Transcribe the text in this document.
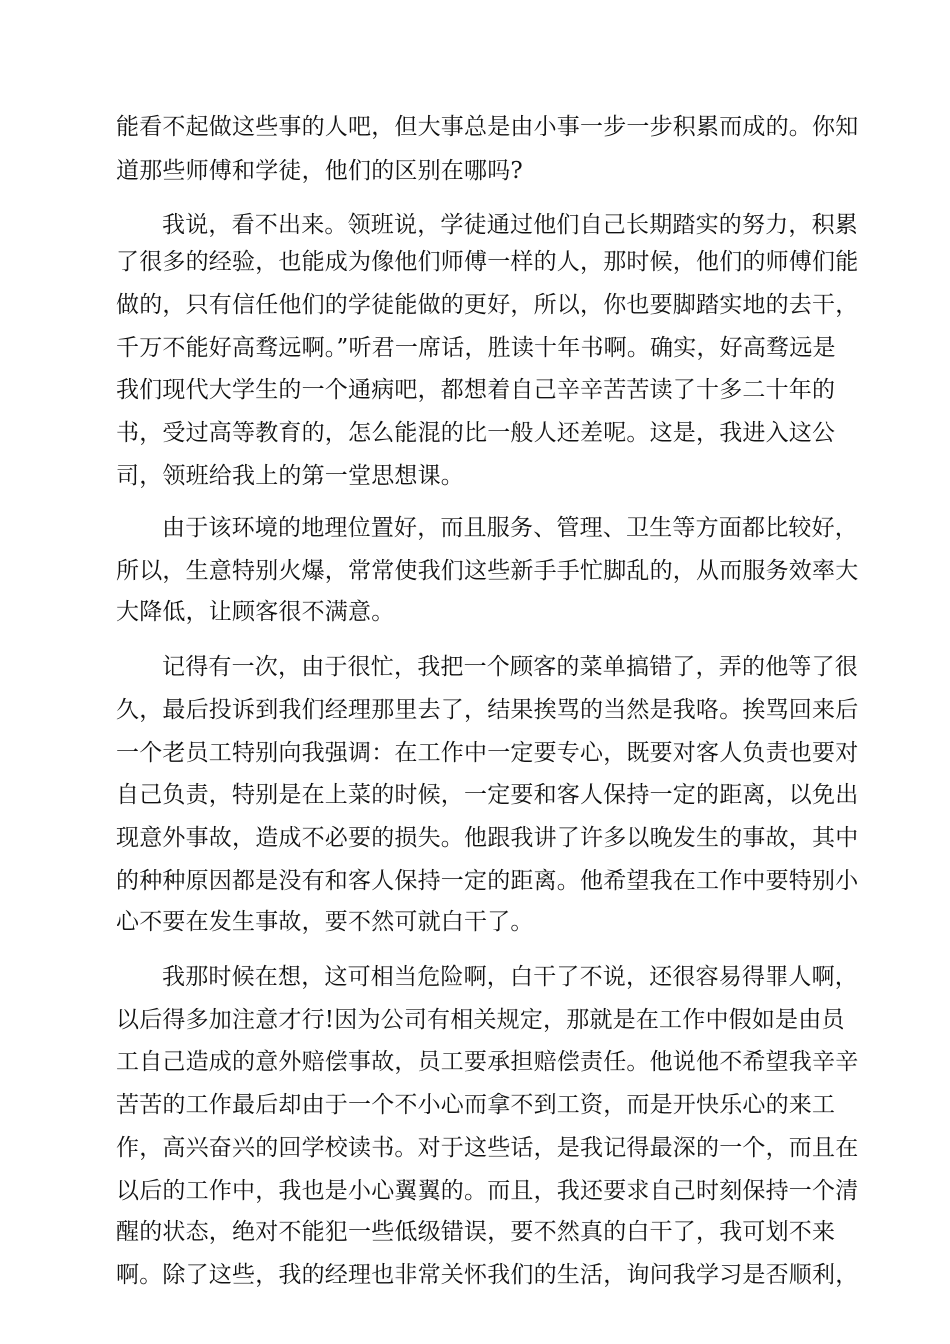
能看不起做这些事的人吧，但大事总是由小事一步一步积累而成的。你知
道那些师傅和学徒，他们的区别在哪吗?
我说，看不出来。领班说，学徒通过他们自己长期踏实的努力，积累
了很多的经验，也能成为像他们师傅一样的人，那时候，他们的师傅们能
做的，只有信任他们的学徒能做的更好，所以，你也要脚踏实地的去干，
千万不能好高骛远啊。”听君一席话，胜读十年书啊。确实，好高骛远是
我们现代大学生的一个通病吧，都想着自己辛辛苦苦读了十多二十年的
书，受过高等教育的，怎么能混的比一般人还差呢。这是，我进入这公
司，领班给我上的第一堂思想课。
由于该环境的地理位置好，而且服务、管理、卫生等方面都比较好，
所以，生意特别火爆，常常使我们这些新手手忙脚乱的，从而服务效率大
大降低，让顾客很不满意。
记得有一次，由于很忙，我把一个顾客的菜单搞错了，弄的他等了很
久，最后投诉到我们经理那里去了，结果挨骂的当然是我咯。挨骂回来后
一个老员工特别向我强调：在工作中一定要专心，既要对客人负责也要对
自己负责，特别是在上菜的时候，一定要和客人保持一定的距离，以免出
现意外事故，造成不必要的损失。他跟我讲了许多以晚发生的事故，其中
的种种原因都是没有和客人保持一定的距离。他希望我在工作中要特别小
心不要在发生事故，要不然可就白干了。
我那时候在想，这可相当危险啊，白干了不说，还很容易得罪人啊，
以后得多加注意才行!因为公司有相关规定，那就是在工作中假如是由员
工自己造成的意外赔偿事故，员工要承担赔偿责任。他说他不希望我辛辛
苦苦的工作最后却由于一个不小心而拿不到工资，而是开快乐心的来工
作，高兴奋兴的回学校读书。对于这些话，是我记得最深的一个，而且在
以后的工作中，我也是小心翼翼的。而且，我还要求自己时刻保持一个清
醒的状态，绝对不能犯一些低级错误，要不然真的白干了，我可划不来
啊。除了这些，我的经理也非常关怀我们的生活，询问我学习是否顺利，
